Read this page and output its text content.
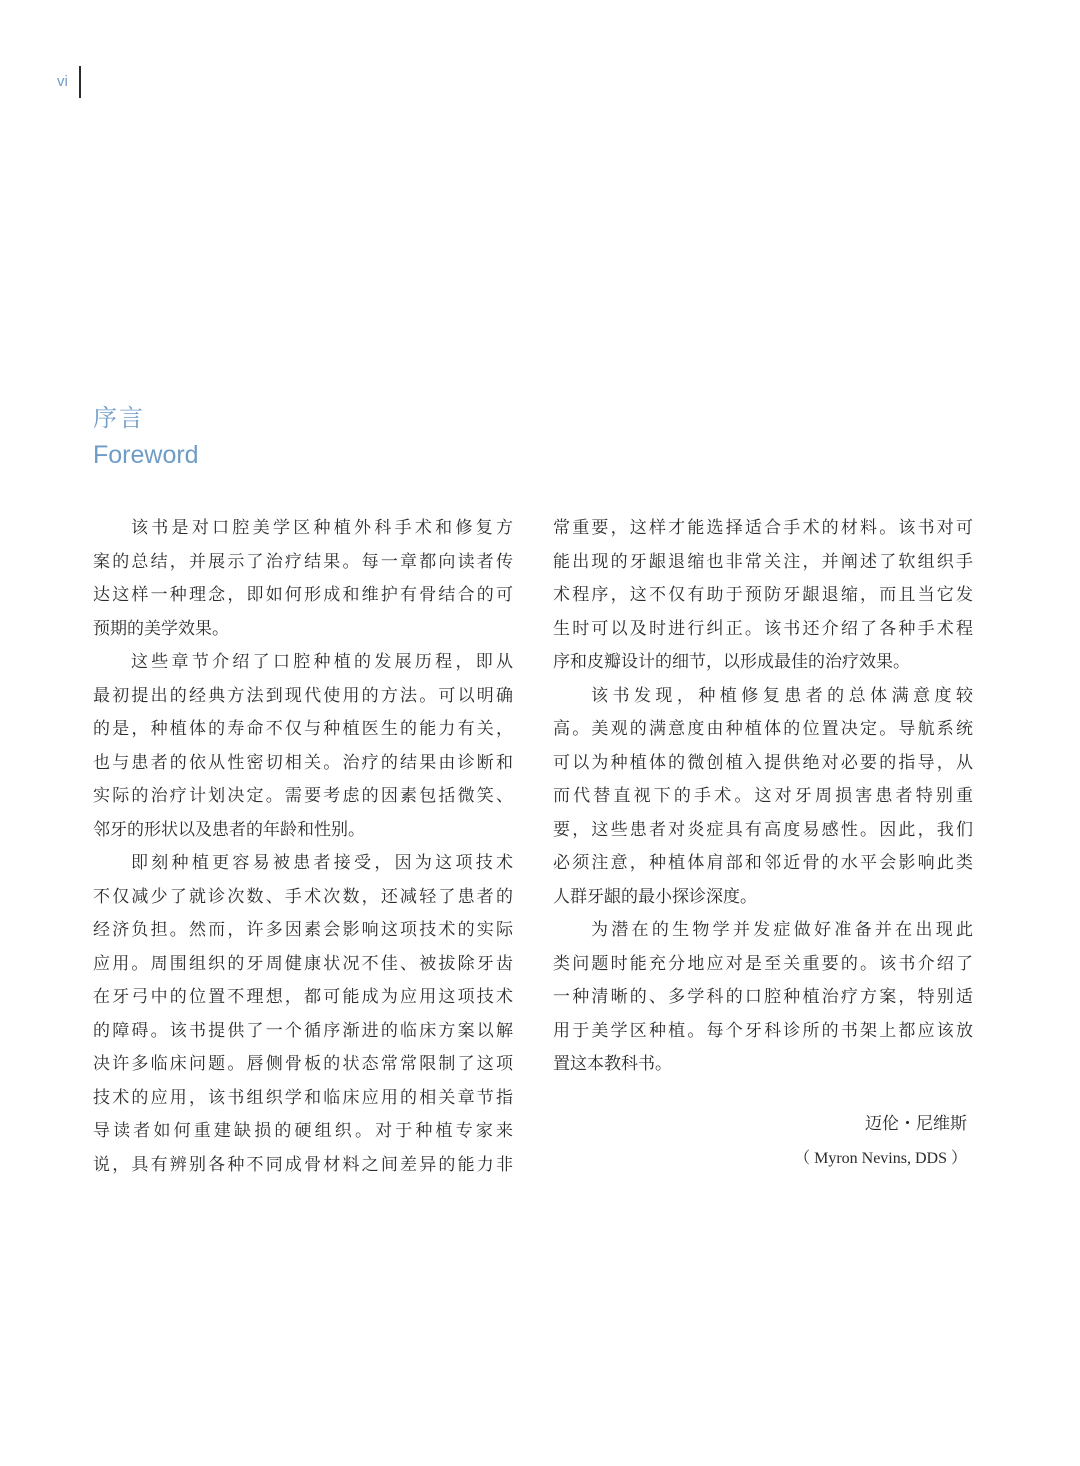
vi
序言
Foreword
该书是对口腔美学区种植外科手术和修复方
案的总结，并展示了治疗结果。每一章都向读者传
达这样一种理念，即如何形成和维护有骨结合的可
预期的美学效果。
这些章节介绍了口腔种植的发展历程，即从
最初提出的经典方法到现代使用的方法。可以明确
的是，种植体的寿命不仅与种植医生的能力有关，
也与患者的依从性密切相关。治疗的结果由诊断和
实际的治疗计划决定。需要考虑的因素包括微笑、
邻牙的形状以及患者的年龄和性别。
即刻种植更容易被患者接受，因为这项技术
不仅减少了就诊次数、手术次数，还减轻了患者的
经济负担。然而，许多因素会影响这项技术的实际
应用。周围组织的牙周健康状况不佳、被拔除牙齿
在牙弓中的位置不理想，都可能成为应用这项技术
的障碍。该书提供了一个循序渐进的临床方案以解
决许多临床问题。唇侧骨板的状态常常限制了这项
技术的应用，该书组织学和临床应用的相关章节指
导读者如何重建缺损的硬组织。对于种植专家来
说，具有辨别各种不同成骨材料之间差异的能力非
常重要，这样才能选择适合手术的材料。该书对可
能出现的牙龈退缩也非常关注，并阐述了软组织手
术程序，这不仅有助于预防牙龈退缩，而且当它发
生时可以及时进行纠正。该书还介绍了各种手术程
序和皮瓣设计的细节，以形成最佳的治疗效果。
该书发现，种植修复患者的总体满意度较
高。美观的满意度由种植体的位置决定。导航系统
可以为种植体的微创植入提供绝对必要的指导，从
而代替直视下的手术。这对牙周损害患者特别重
要，这些患者对炎症具有高度易感性。因此，我们
必须注意，种植体肩部和邻近骨的水平会影响此类
人群牙龈的最小探诊深度。
为潜在的生物学并发症做好准备并在出现此
类问题时能充分地应对是至关重要的。该书介绍了
一种清晰的、多学科的口腔种植治疗方案，特别适
用于美学区种植。每个牙科诊所的书架上都应该放
置这本教科书。
迈伦・尼维斯
（ Myron Nevins, DDS ）
